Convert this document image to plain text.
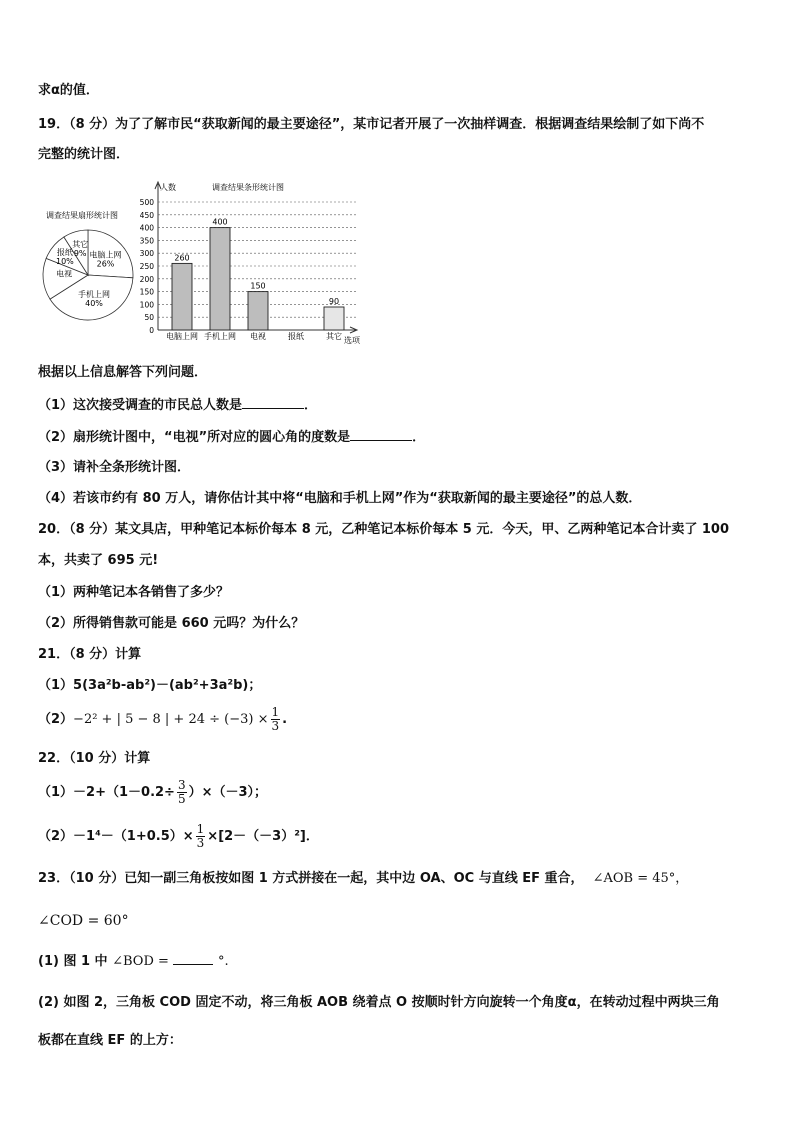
求α的值．
19．（8 分）为了了解市民“获取新闻的最主要途径”，某市记者开展了一次抽样调查．根据调查结果绘制了如下尚不
完整的统计图．
调查结果扇形统计图
电脑上网
26%
手机上网
40%
电视
报纸
10%
其它
9%
人数	调查结果条形统计图
0
50
100
150
200
250
300
350
400
450
500
选项
电脑上网
260
手机上网
400
电视
150
报纸	其它
90
根据以上信息解答下列问题．
（1）这次接受调查的市民总人数是	．
（2）扇形统计图中，“电视”所对应的圆心角的度数是	．
（3）请补全条形统计图．
（4）若该市约有 80 万人，请你估计其中将“电脑和手机上网”作为“获取新闻的最主要途径”的总人数．
20．（8 分）某文具店，甲种笔记本标价每本 8 元，乙种笔记本标价每本 5 元．今天，甲、乙两种笔记本合计卖了 100
本，共卖了 695 元!
（1）两种笔记本各销售了多少？
（2）所得销售款可能是 660 元吗？为什么？
21．（8 分）计算
（1）5(3a²b-ab²)－(ab²+3a²b)；
（2）−2² + | 5 − 8 | + $24 \div (-3) \times \frac{1}{3}$ .
22．（10 分）计算
$(1)-2+(1-0.2\div \frac{3}{5} )\times(-3)$；
$(2)-1^4-(1+0.5)\times \frac{1}{3} \times[2-(-3)^2]$．
23．（10 分）已知一副三角板按如图 1 方式拼接在一起，其中边 OA、OC 与直线 EF 重合， ∠AOB = 45°，
∠COD = 60°
(1) 图 1 中 ∠BOD =	°.
(2) 如图 2，三角板 COD 固定不动，将三角板 AOB 绕着点 O 按顺时针方向旋转一个角度α，在转动过程中两块三角
板都在直线 EF 的上方：
